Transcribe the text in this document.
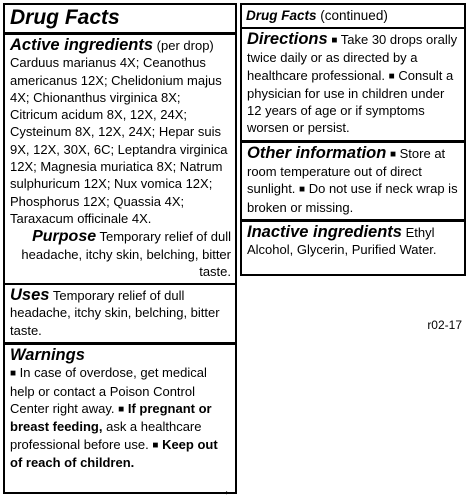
Drug Facts
Active ingredients (per drop)
Carduus marianus 4X; Ceanothus americanus 12X; Chelidonium majus 4X; Chionanthus virginica 8X; Citricum acidum 8X, 12X, 24X; Cysteinum 8X, 12X, 24X; Hepar suis 9X, 12X, 30X, 6C; Leptandra virginica 12X; Magnesia muriatica 8X; Natrum sulphuricum 12X; Nux vomica 12X; Phosphorus 12X; Quassia 4X; Taraxacum officinale 4X.
Purpose Temporary relief of dull headache, itchy skin, belching, bitter taste.
Uses Temporary relief of dull headache, itchy skin, belching, bitter taste.
Warnings
■ In case of overdose, get medical help or contact a Poison Control Center right away. ■ If pregnant or breast feeding, ask a healthcare professional before use. ■ Keep out of reach of children.
→
Drug Facts (continued)
Directions ■ Take 30 drops orally twice daily or as directed by a healthcare professional. ■ Consult a physician for use in children under 12 years of age or if symptoms worsen or persist.
Other information ■ Store at room temperature out of direct sunlight. ■ Do not use if neck wrap is broken or missing.
Inactive ingredients Ethyl Alcohol, Glycerin, Purified Water.
r02-17
